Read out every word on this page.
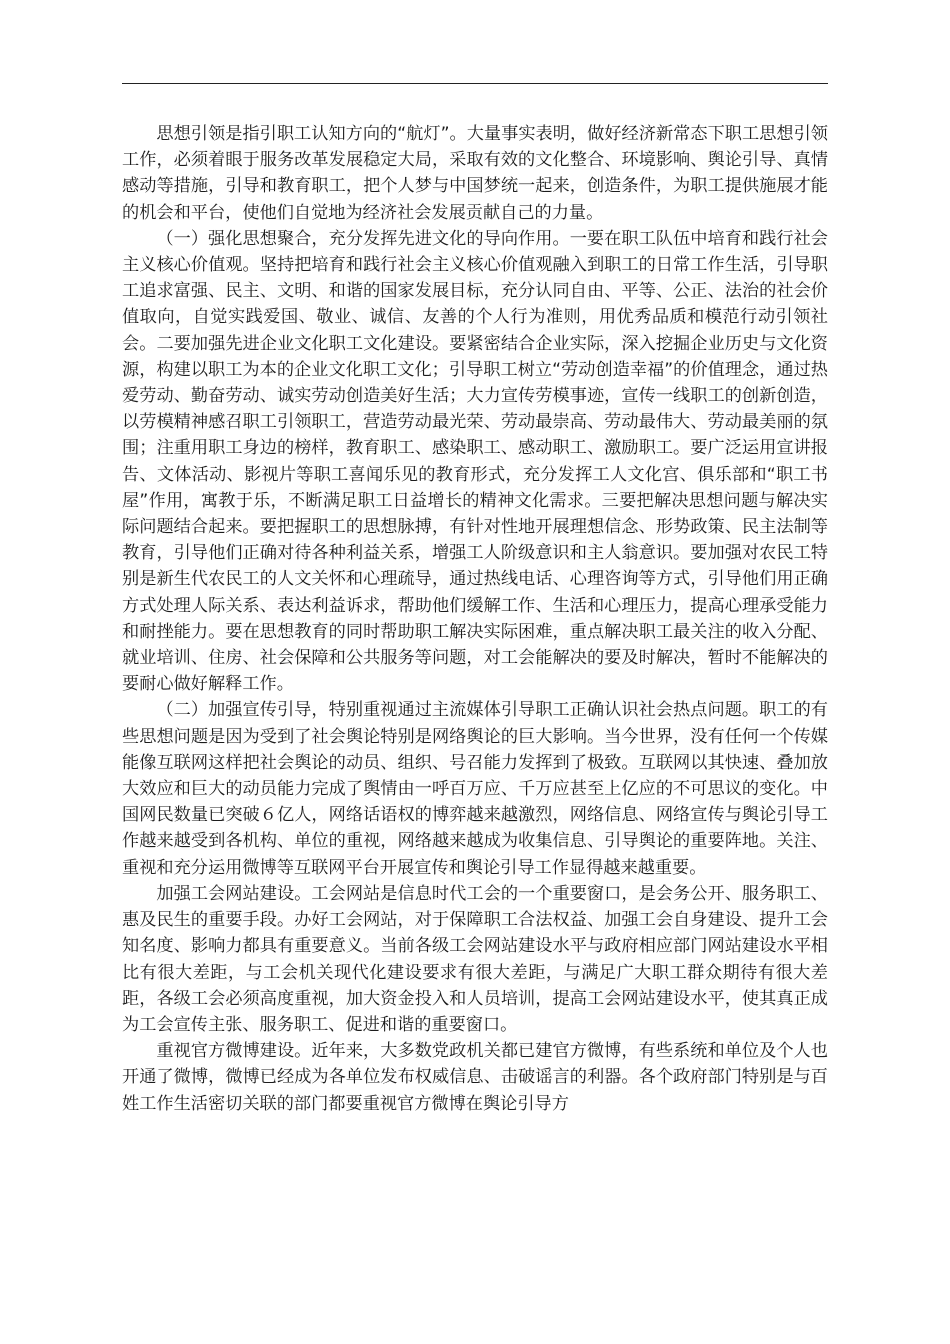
思想引领是指引职工认知方向的“航灯”。大量事实表明，做好经济新常态下职工思想引领工作，必须着眼于服务改革发展稳定大局，采取有效的文化整合、环境影响、舆论引导、真情感动等措施，引导和教育职工，把个人梦与中国梦统一起来，创造条件，为职工提供施展才能的机会和平台，使他们自觉地为经济社会发展贡献自己的力量。

（一）强化思想聚合，充分发挥先进文化的导向作用。一要在职工队伍中培育和践行社会主义核心价值观。坚持把培育和践行社会主义核心价值观融入到职工的日常工作生活，引导职工追求富强、民主、文明、和谐的国家发展目标，充分认同自由、平等、公正、法治的社会价值取向，自觉实践爱国、敬业、诚信、友善的个人行为准则，用优秀品质和模范行动引领社会。二要加强先进企业文化职工文化建设。要紧密结合企业实际，深入挖掘企业历史与文化资源，构建以职工为本的企业文化职工文化；引导职工树立“劳动创造幸福”的价值理念，通过热爱劳动、勤奋劳动、诚实劳动创造美好生活；大力宣传劳模事迹，宣传一线职工的创新创造，以劳模精神感召职工引领职工，营造劳动最光荣、劳动最崇高、劳动最伟大、劳动最美丽的氛围；注重用职工身边的榜样，教育职工、感染职工、感动职工、激励职工。要广泛运用宣讲报告、文体活动、影视片等职工喜闻乐见的教育形式，充分发挥工人文化宫、俱乐部和“职工书屋”作用，寓教于乐，不断满足职工日益增长的精神文化需求。三要把解决思想问题与解决实际问题结合起来。要把握职工的思想脉搏，有针对性地开展理想信念、形势政策、民主法制等教育，引导他们正确对待各种利益关系，增强工人阶级意识和主人翁意识。要加强对农民工特别是新生代农民工的人文关怀和心理疏导，通过热线电话、心理咨询等方式，引导他们用正确方式处理人际关系、表达利益诉求，帮助他们缓解工作、生活和心理压力，提高心理承受能力和耐挫能力。要在思想教育的同时帮助职工解决实际困难，重点解决职工最关注的收入分配、就业培训、住房、社会保障和公共服务等问题，对工会能解决的要及时解决，暂时不能解决的要耐心做好解释工作。

（二）加强宣传引导，特别重视通过主流媒体引导职工正确认识社会热点问题。职工的有些思想问题是因为受到了社会舆论特别是网络舆论的巨大影响。当今世界，没有任何一个传媒能像互联网这样把社会舆论的动员、组织、号召能力发挥到了极致。互联网以其快速、叠加放大效应和巨大的动员能力完成了舆情由一呼百万应、千万应甚至上亿应的不可思议的变化。中国网民数量已突破６亿人，网络话语权的博弈越来越激烈，网络信息、网络宣传与舆论引导工作越来越受到各机构、单位的重视，网络越来越成为收集信息、引导舆论的重要阵地。关注、重视和充分运用微博等互联网平台开展宣传和舆论引导工作显得越来越重要。

加强工会网站建设。工会网站是信息时代工会的一个重要窗口，是会务公开、服务职工、惠及民生的重要手段。办好工会网站，对于保障职工合法权益、加强工会自身建设、提升工会知名度、影响力都具有重要意义。当前各级工会网站建设水平与政府相应部门网站建设水平相比有很大差距，与工会机关现代化建设要求有很大差距，与满足广大职工群众期待有很大差距，各级工会必须高度重视，加大资金投入和人员培训，提高工会网站建设水平，使其真正成为工会宣传主张、服务职工、促进和谐的重要窗口。

重视官方微博建设。近年来，大多数党政机关都已建官方微博，有些系统和单位及个人也开通了微博，微博已经成为各单位发布权威信息、击破谣言的利器。各个政府部门特别是与百姓工作生活密切关联的部门都要重视官方微博在舆论引导方
